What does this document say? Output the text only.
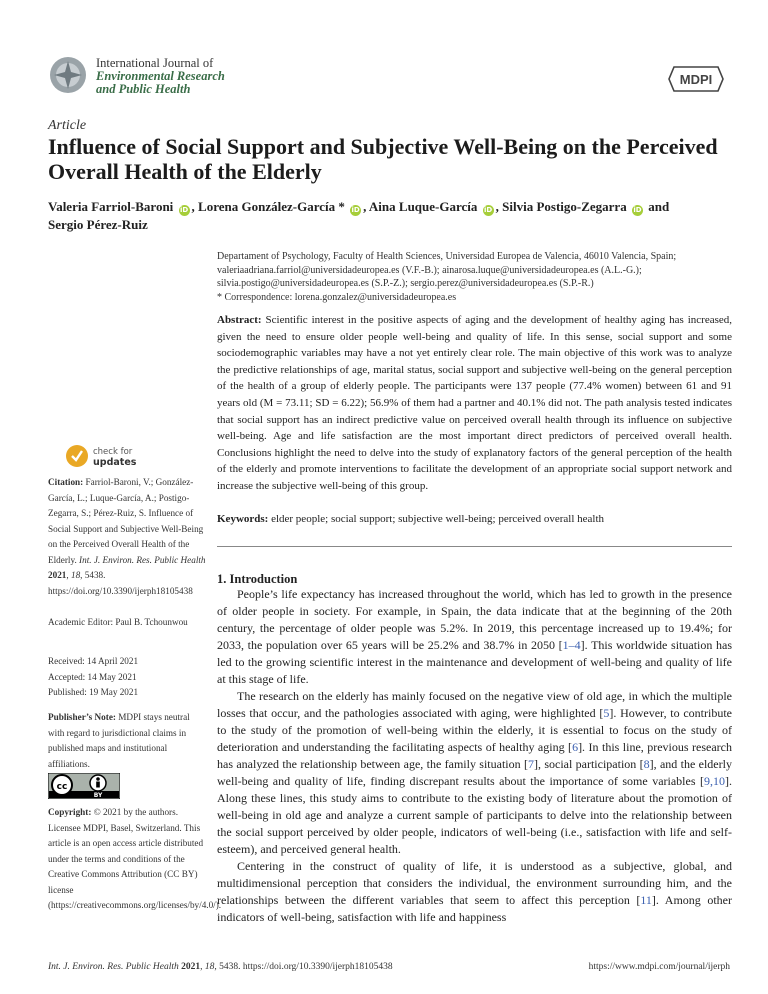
International Journal of
Environmental Research
and Public Health
MDPI
Article
Influence of Social Support and Subjective Well-Being on the Perceived Overall Health of the Elderly
Valeria Farriol-Baroni iD , Lorena González-García * iD , Aina Luque-García iD , Silvia Postigo-Zegarra iD and
Sergio Pérez-Ruiz
Departament of Psychology, Faculty of Health Sciences, Universidad Europea de Valencia, 46010 Valencia, Spain;
valeriaadriana.farriol@universidadeuropea.es (V.F.-B.); ainarosa.luque@universidadeuropea.es (A.L.-G.);
silvia.postigo@universidadeuropea.es (S.P.-Z.); sergio.perez@universidadeuropea.es (S.P.-R.)
* Correspondence: lorena.gonzalez@universidadeuropea.es
Abstract: Scientific interest in the positive aspects of aging and the development of healthy aging has increased, given the need to ensure older people well-being and quality of life. In this sense, social support and some sociodemographic variables may have a not yet entirely clear role. The main objective of this work was to analyze the predictive relationships of age, marital status, social support and subjective well-being on the general perception of the health of a group of elderly people. The participants were 137 people (77.4% women) between 61 and 91 years old (M = 73.11; SD = 6.22); 56.9% of them had a partner and 40.1% did not. The path analysis tested indicates that social support has an indirect predictive value on perceived overall health through its influence on subjective well-being. Age and life satisfaction are the most important direct predictors of perceived overall health. Conclusions highlight the need to delve into the study of explanatory factors of the general perception of the health of the elderly and promote interventions to facilitate the development of an appropriate social support network and increase the subjective well-being of this group.
Keywords: elder people; social support; subjective well-being; perceived overall health
check for
updates
Citation: Farriol-Baroni, V.; González-García, L.; Luque-García, A.; Postigo-Zegarra, S.; Pérez-Ruiz, S. Influence of Social Support and Subjective Well-Being on the Perceived Overall Health of the Elderly. Int. J. Environ. Res. Public Health 2021, 18, 5438. https://doi.org/10.3390/ijerph18105438
Academic Editor: Paul B. Tchounwou
Received: 14 April 2021
Accepted: 14 May 2021
Published: 19 May 2021
Publisher’s Note: MDPI stays neutral with regard to jurisdictional claims in published maps and institutional affiliations.
cc
BY
Copyright: © 2021 by the authors. Licensee MDPI, Basel, Switzerland. This article is an open access article distributed under the terms and conditions of the Creative Commons Attribution (CC BY) license (https://creativecommons.org/licenses/by/4.0/).
1. Introduction

People’s life expectancy has increased throughout the world, which has led to growth in the presence of older people in society. For example, in Spain, the data indicate that at the beginning of the 20th century, the percentage of older people was 5.2%. In 2019, this percentage increased up to 19.4%; for 2033, the population over 65 years will be 25.2% and 38.7% in 2050 [1–4]. This worldwide situation has led to the growing scientific interest in the maintenance and development of well-being and quality of life at this stage of life.

The research on the elderly has mainly focused on the negative view of old age, in which the multiple losses that occur, and the pathologies associated with aging, were highlighted [5]. However, to contribute to the study of the promotion of well-being within the elderly, it is essential to focus on the study of deterioration and understanding the facilitating aspects of healthy aging [6]. In this line, previous research has analyzed the relationship between age, the family situation [7], social participation [8], and the elderly well-being and quality of life, finding discrepant results about the importance of some variables [9,10]. Along these lines, this study aims to contribute to the existing body of literature about the promotion of well-being in old age and analyze a current sample of participants to delve into the relationship between the social support perceived by older people, indicators of well-being (i.e., satisfaction with life and self-esteem), and perceived general health.

Centering in the construct of quality of life, it is understood as a subjective, global, and multidimensional perception that considers the individual, the environment surrounding him, and the relationships between the different variables that seem to affect this perception [11]. Among other indicators of well-being, satisfaction with life and happiness

Int. J. Environ. Res. Public Health 2021, 18, 5438. https://doi.org/10.3390/ijerph18105438	https://www.mdpi.com/journal/ijerph
